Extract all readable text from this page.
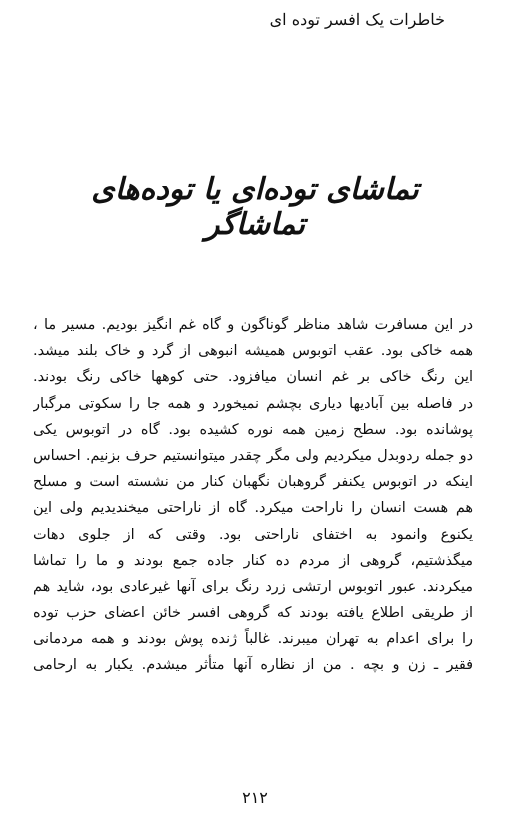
خاطرات یک افسر توده ای
تماشای توده‌ای یا توده‌های تماشاگر
در این مسافرت شاهد مناظر گوناگون و گاه غم انگیز بودیم. مسیر ما ،
همه خاکی بود. عقب اتوبوس همیشه انبوهی از گرد و خاک بلند میشد.
این رنگ خاکی بر غم انسان میافزود. حتی کوهها خاکی رنگ بودند.
در فاصله بین آبادیها دیاری بچشم نمیخورد و همه جا را سکوتی مرگبار
پوشانده بود. سطح زمین همه نوره کشیده بود. گاه در اتوبوس یکی
دو جمله ردوبدل میکردیم ولی مگر چقدر میتوانستیم حرف بزنیم. احساس
اینکه در اتوبوس یکنفر گروهبان نگهبان کنار من نشسته است و مسلح
هم هست انسان را ناراحت میکرد. گاه از ناراحتی میخندیدیم ولی این
یکنوع وانمود به اختفای ناراحتی بود. وقتی که از جلوی دهات
میگذشتیم، گروهی از مردم ده کنار جاده جمع بودند و ما را تماشا
میکردند. عبور اتوبوس ارتشی زرد رنگ برای آنها غیرعادی بود، شاید هم
از طریقی اطلاع یافته بودند که گروهی افسر خائن اعضای حزب توده
را برای اعدام به تهران میبرند. غالباً ژنده پوش بودند و همه مردمانی
فقیر ـ زن و بچه . من از نظاره آنها متأثر میشدم. یکبار به ارحامی
۲۱۲
